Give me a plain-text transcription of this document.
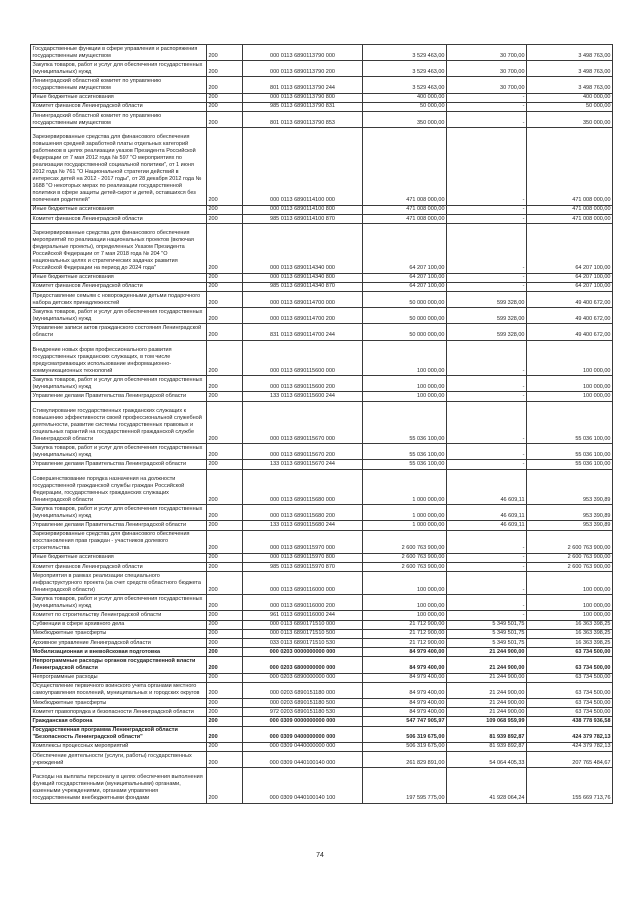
Государственные функции в сфере управления и распоряжения государственным имуществом	200	000 0113 6890113790 000	3 529 463,00	30 700,00	3 498 763,00
Закупка товаров, работ и услуг для обеспечения государственных (муниципальных) нужд	200	000 0113 6890113790 200	3 529 463,00	30 700,00	3 498 763,00
Ленинградский областной комитет по управлению государственным имуществом	200	801 0113 6890113790 244	3 529 463,00	30 700,00	3 498 763,00
Иные бюджетные ассигнования	200	000 0113 6890113790 800	400 000,00	-	400 000,00
Комитет финансов Ленинградской области	200	985 0113 6890113790 831	50 000,00	-	50 000,00
Ленинградский областной комитет по управлению государственным имуществом	200	801 0113 6890113790 853	350 000,00	-	350 000,00
Зарезервированные средства для финансового обеспечения повышения средней заработной платы отдельных категорий работников в целях реализации указов Президента Российской Федерации от 7 мая 2012 года № 597 "О мероприятиях по реализации государственной социальной политики", от 1 июня 2012 года № 761 "О Национальной стратегии действий в интересах детей на 2012 - 2017 годы", от 28 декабря 2012 года № 1688 "О некоторых мерах по реализации государственной политики в сфере защиты детей-сирот и детей, оставшихся без попечения родителей"	200	000 0113 6890114100 000	471 008 000,00	-	471 008 000,00
Иные бюджетные ассигнования	200	000 0113 6890114100 800	471 008 000,00	-	471 008 000,00
Комитет финансов Ленинградской области	200	985 0113 6890114100 870	471 008 000,00	-	471 008 000,00
Зарезервированные средства для финансового обеспечения мероприятий по реализации национальных проектов (включая федеральные проекты), определенных Указом Президента Российской Федерации от 7 мая 2018 года № 204 "О национальных целях и стратегических задачах развития Российской Федерации на период до 2024 года"	200	000 0113 6890114340 000	64 207 100,00	-	64 207 100,00
Иные бюджетные ассигнования	200	000 0113 6890114340 800	64 207 100,00	-	64 207 100,00
Комитет финансов Ленинградской области	200	985 0113 6890114340 870	64 207 100,00	-	64 207 100,00
Предоставление семьям с новорожденными детьми подарочного набора детских принадлежностей	200	000 0113 6890114700 000	50 000 000,00	599 328,00	49 400 672,00
Закупка товаров, работ и услуг для обеспечения государственных (муниципальных) нужд	200	000 0113 6890114700 200	50 000 000,00	599 328,00	49 400 672,00
Управление записи актов гражданского состояния Ленинградской области	200	831 0113 6890114700 244	50 000 000,00	599 328,00	49 400 672,00
Внедрение новых форм профессионального развития государственных гражданских служащих, в том числе предусматривающих использование информационно-коммуникационных технологий	200	000 0113 6890115600 000	100 000,00	-	100 000,00
Закупка товаров, работ и услуг для обеспечения государственных (муниципальных) нужд	200	000 0113 6890115600 200	100 000,00	-	100 000,00
Управление делами Правительства Ленинградской области	200	133 0113 6890115600 244	100 000,00	-	100 000,00
Стимулирование государственных гражданских служащих к повышению эффективности своей профессиональной служебной деятельности, развитие системы государственных правовых и социальных гарантий на государственной гражданской службе Ленинградской области	200	000 0113 6890115670 000	55 036 100,00	-	55 036 100,00
Закупка товаров, работ и услуг для обеспечения государственных (муниципальных) нужд	200	000 0113 6890115670 200	55 036 100,00	-	55 036 100,00
Управление делами Правительства Ленинградской области	200	133 0113 6890115670 244	55 036 100,00	-	55 036 100,00
Совершенствование порядка назначения на должности государственной гражданской службы граждан Российской Федерации, государственных гражданских служащих Ленинградской области	200	000 0113 6890115680 000	1 000 000,00	46 609,11	953 390,89
Закупка товаров, работ и услуг для обеспечения государственных (муниципальных) нужд	200	000 0113 6890115680 200	1 000 000,00	46 609,11	953 390,89
Управление делами Правительства Ленинградской области	200	133 0113 6890115680 244	1 000 000,00	46 609,11	953 390,89
Зарезервированные средства для финансового обеспечения восстановления прав граждан - участников долевого строительства	200	000 0113 6890115970 000	2 600 763 900,00	-	2 600 763 900,00
Иные бюджетные ассигнования	200	000 0113 6890115970 800	2 600 763 900,00	-	2 600 763 900,00
Комитет финансов Ленинградской области	200	985 0113 6890115970 870	2 600 763 900,00	-	2 600 763 900,00
Мероприятия в рамках реализации специального инфраструктурного проекта (за счет средств областного бюджета Ленинградской области)	200	000 0113 6890116000 000	100 000,00	-	100 000,00
Закупка товаров, работ и услуг для обеспечения государственных (муниципальных) нужд	200	000 0113 6890116000 200	100 000,00	-	100 000,00
Комитет по строительству Ленинградской области	200	961 0113 6890116000 244	100 000,00	-	100 000,00
Субвенции в сфере архивного дела	200	000 0113 6890171510 000	21 712 900,00	5 349 501,75	16 363 398,25
Межбюджетные трансферты	200	000 0113 6890171510 500	21 712 900,00	5 349 501,75	16 363 398,25
Архивное управление Ленинградской области	200	033 0113 6890171510 530	21 712 900,00	5 349 501,75	16 363 398,25
Мобилизационная и вневойсковая подготовка	200	000 0203 0000000000 000	84 979 400,00	21 244 900,00	63 734 500,00
Непрограммные расходы органов государственной власти Ленинградской области	200	000 0203 6800000000 000	84 979 400,00	21 244 900,00	63 734 500,00
Непрограммные расходы	200	000 0203 6890000000 000	84 979 400,00	21 244 900,00	63 734 500,00
Осуществление первичного воинского учета органами местного самоуправления поселений, муниципальных и городских округов	200	000 0203 6890151180 000	84 979 400,00	21 244 900,00	63 734 500,00
Межбюджетные трансферты	200	000 0203 6890151180 500	84 979 400,00	21 244 900,00	63 734 500,00
Комитет правопорядка и безопасности Ленинградской области	200	972 0203 6890151180 530	84 979 400,00	21 244 900,00	63 734 500,00
Гражданская оборона	200	000 0309 0000000000 000	547 747 905,97	109 068 959,99	438 778 936,58
Государственная программа Ленинградской области "Безопасность Ленинградской области"	200	000 0309 0400000000 000	506 319 675,00	81 939 892,87	424 379 782,13
Комплексы процессных мероприятий	200	000 0309 0440000000 000	506 319 675,00	81 939 892,87	424 379 782,13
Обеспечение деятельности (услуги, работы) государственных учреждений	200	000 0309 0440100140 000	261 829 891,00	54 064 405,33	207 765 484,67
Расходы на выплаты персоналу в целях обеспечения выполнения функций государственными (муниципальными) органами, казенными учреждениями, органами управления государственными внебюджетными фондами	200	000 0309 0440100140 100	197 595 775,00	41 928 064,24	155 669 713,76
74
